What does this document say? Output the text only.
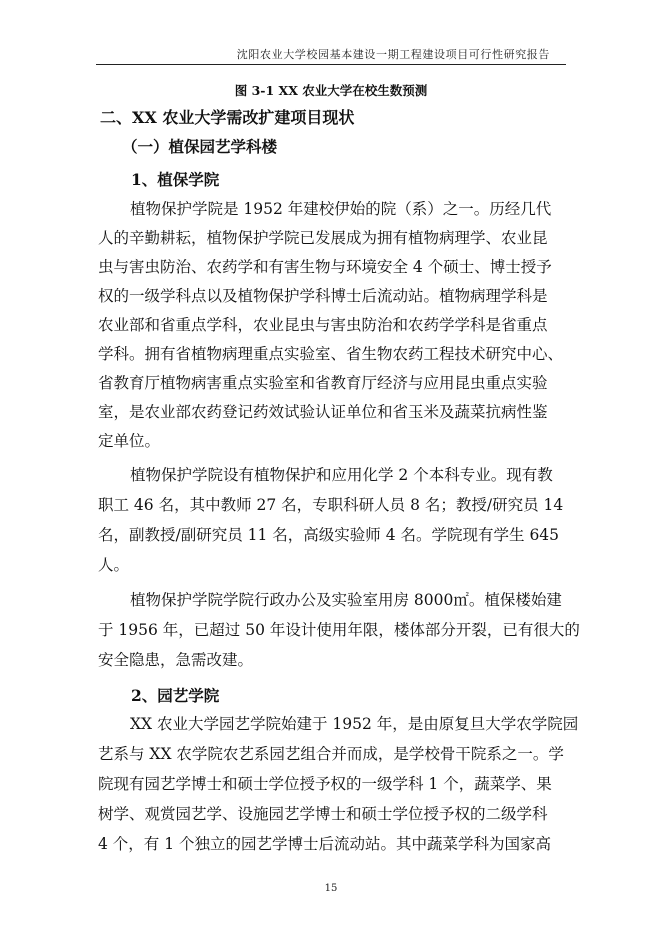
沈阳农业大学校园基本建设一期工程建设项目可行性研究报告
图 3-1 XX 农业大学在校生数预测
二、XX 农业大学需改扩建项目现状
（一）植保园艺学科楼
1、植保学院
植物保护学院是 1952 年建校伊始的院（系）之一。历经几代
人的辛勤耕耘，植物保护学院已发展成为拥有植物病理学、农业昆
虫与害虫防治、农药学和有害生物与环境安全 4 个硕士、博士授予
权的一级学科点以及植物保护学科博士后流动站。植物病理学科是
农业部和省重点学科，农业昆虫与害虫防治和农药学学科是省重点
学科。拥有省植物病理重点实验室、省生物农药工程技术研究中心、
省教育厅植物病害重点实验室和省教育厅经济与应用昆虫重点实验
室，是农业部农药登记药效试验认证单位和省玉米及蔬菜抗病性鉴
定单位。
植物保护学院设有植物保护和应用化学 2 个本科专业。现有教
职工 46 名，其中教师 27 名，专职科研人员 8 名；教授/研究员 14
名，副教授/副研究员 11 名，高级实验师 4 名。学院现有学生 645
人。
植物保护学院学院行政办公及实验室用房 8000㎡。植保楼始建
于 1956 年，已超过 50 年设计使用年限，楼体部分开裂，已有很大的
安全隐患，急需改建。
2、园艺学院
XX 农业大学园艺学院始建于 1952 年，是由原复旦大学农学院园
艺系与 XX 农学院农艺系园艺组合并而成，是学校骨干院系之一。学
院现有园艺学博士和硕士学位授予权的一级学科 1 个，蔬菜学、果
树学、观赏园艺学、设施园艺学博士和硕士学位授予权的二级学科
4 个，有 1 个独立的园艺学博士后流动站。其中蔬菜学科为国家高
15
